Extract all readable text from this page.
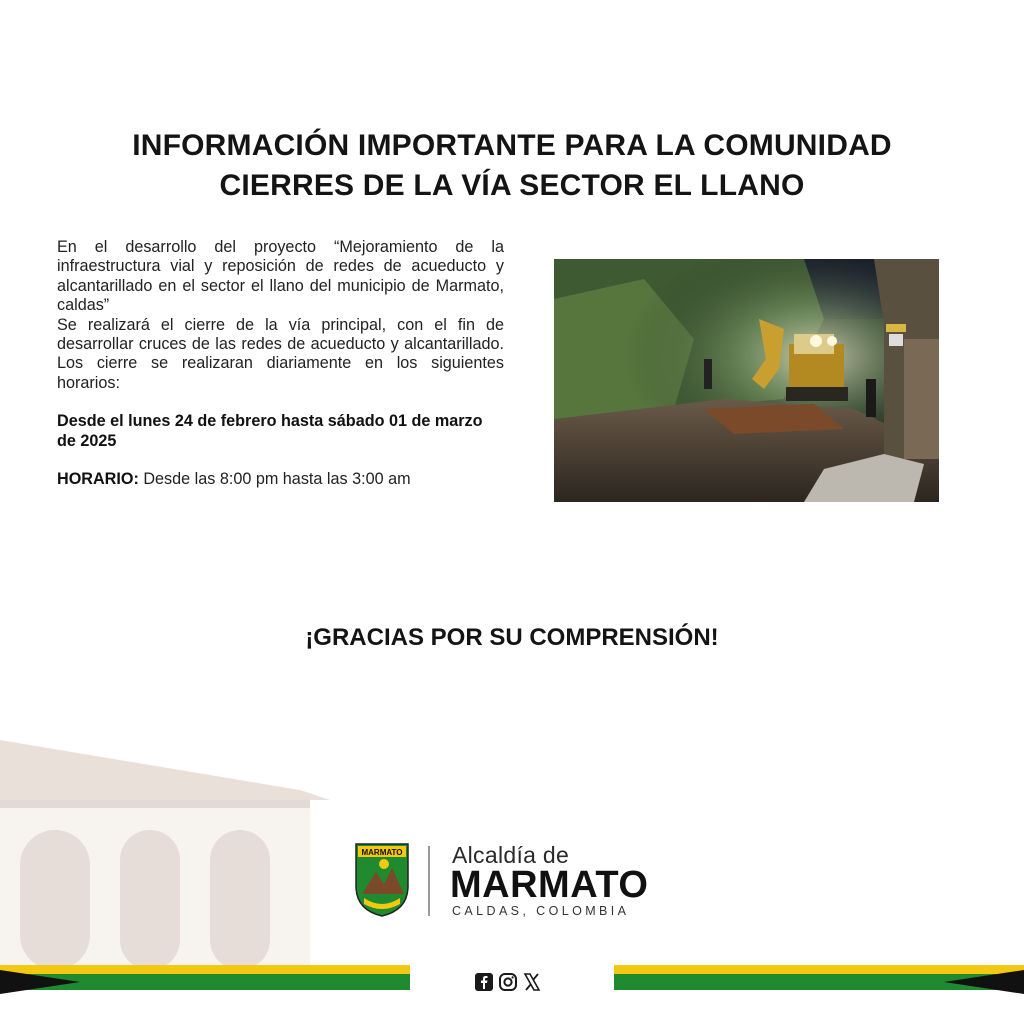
INFORMACIÓN IMPORTANTE PARA LA COMUNIDAD
CIERRES DE LA VÍA SECTOR EL LLANO

En el desarrollo del proyecto “Mejoramiento de la infraestructura vial y reposición de redes de acueducto y alcantarillado en el sector el llano del municipio de Marmato, caldas”

Se realizará el cierre de la vía principal, con el fin de desarrollar cruces de las redes de acueducto y alcantarillado. Los cierre se realizaran diariamente en los siguientes horarios:

Desde el lunes 24 de febrero hasta sábado 01 de marzo de 2025

HORARIO: Desde las 8:00 pm hasta las 3:00 am

¡GRACIAS POR SU COMPRENSIÓN!
MARMATO Alcaldía de
MARMATO
CALDAS, COLOMBIA
